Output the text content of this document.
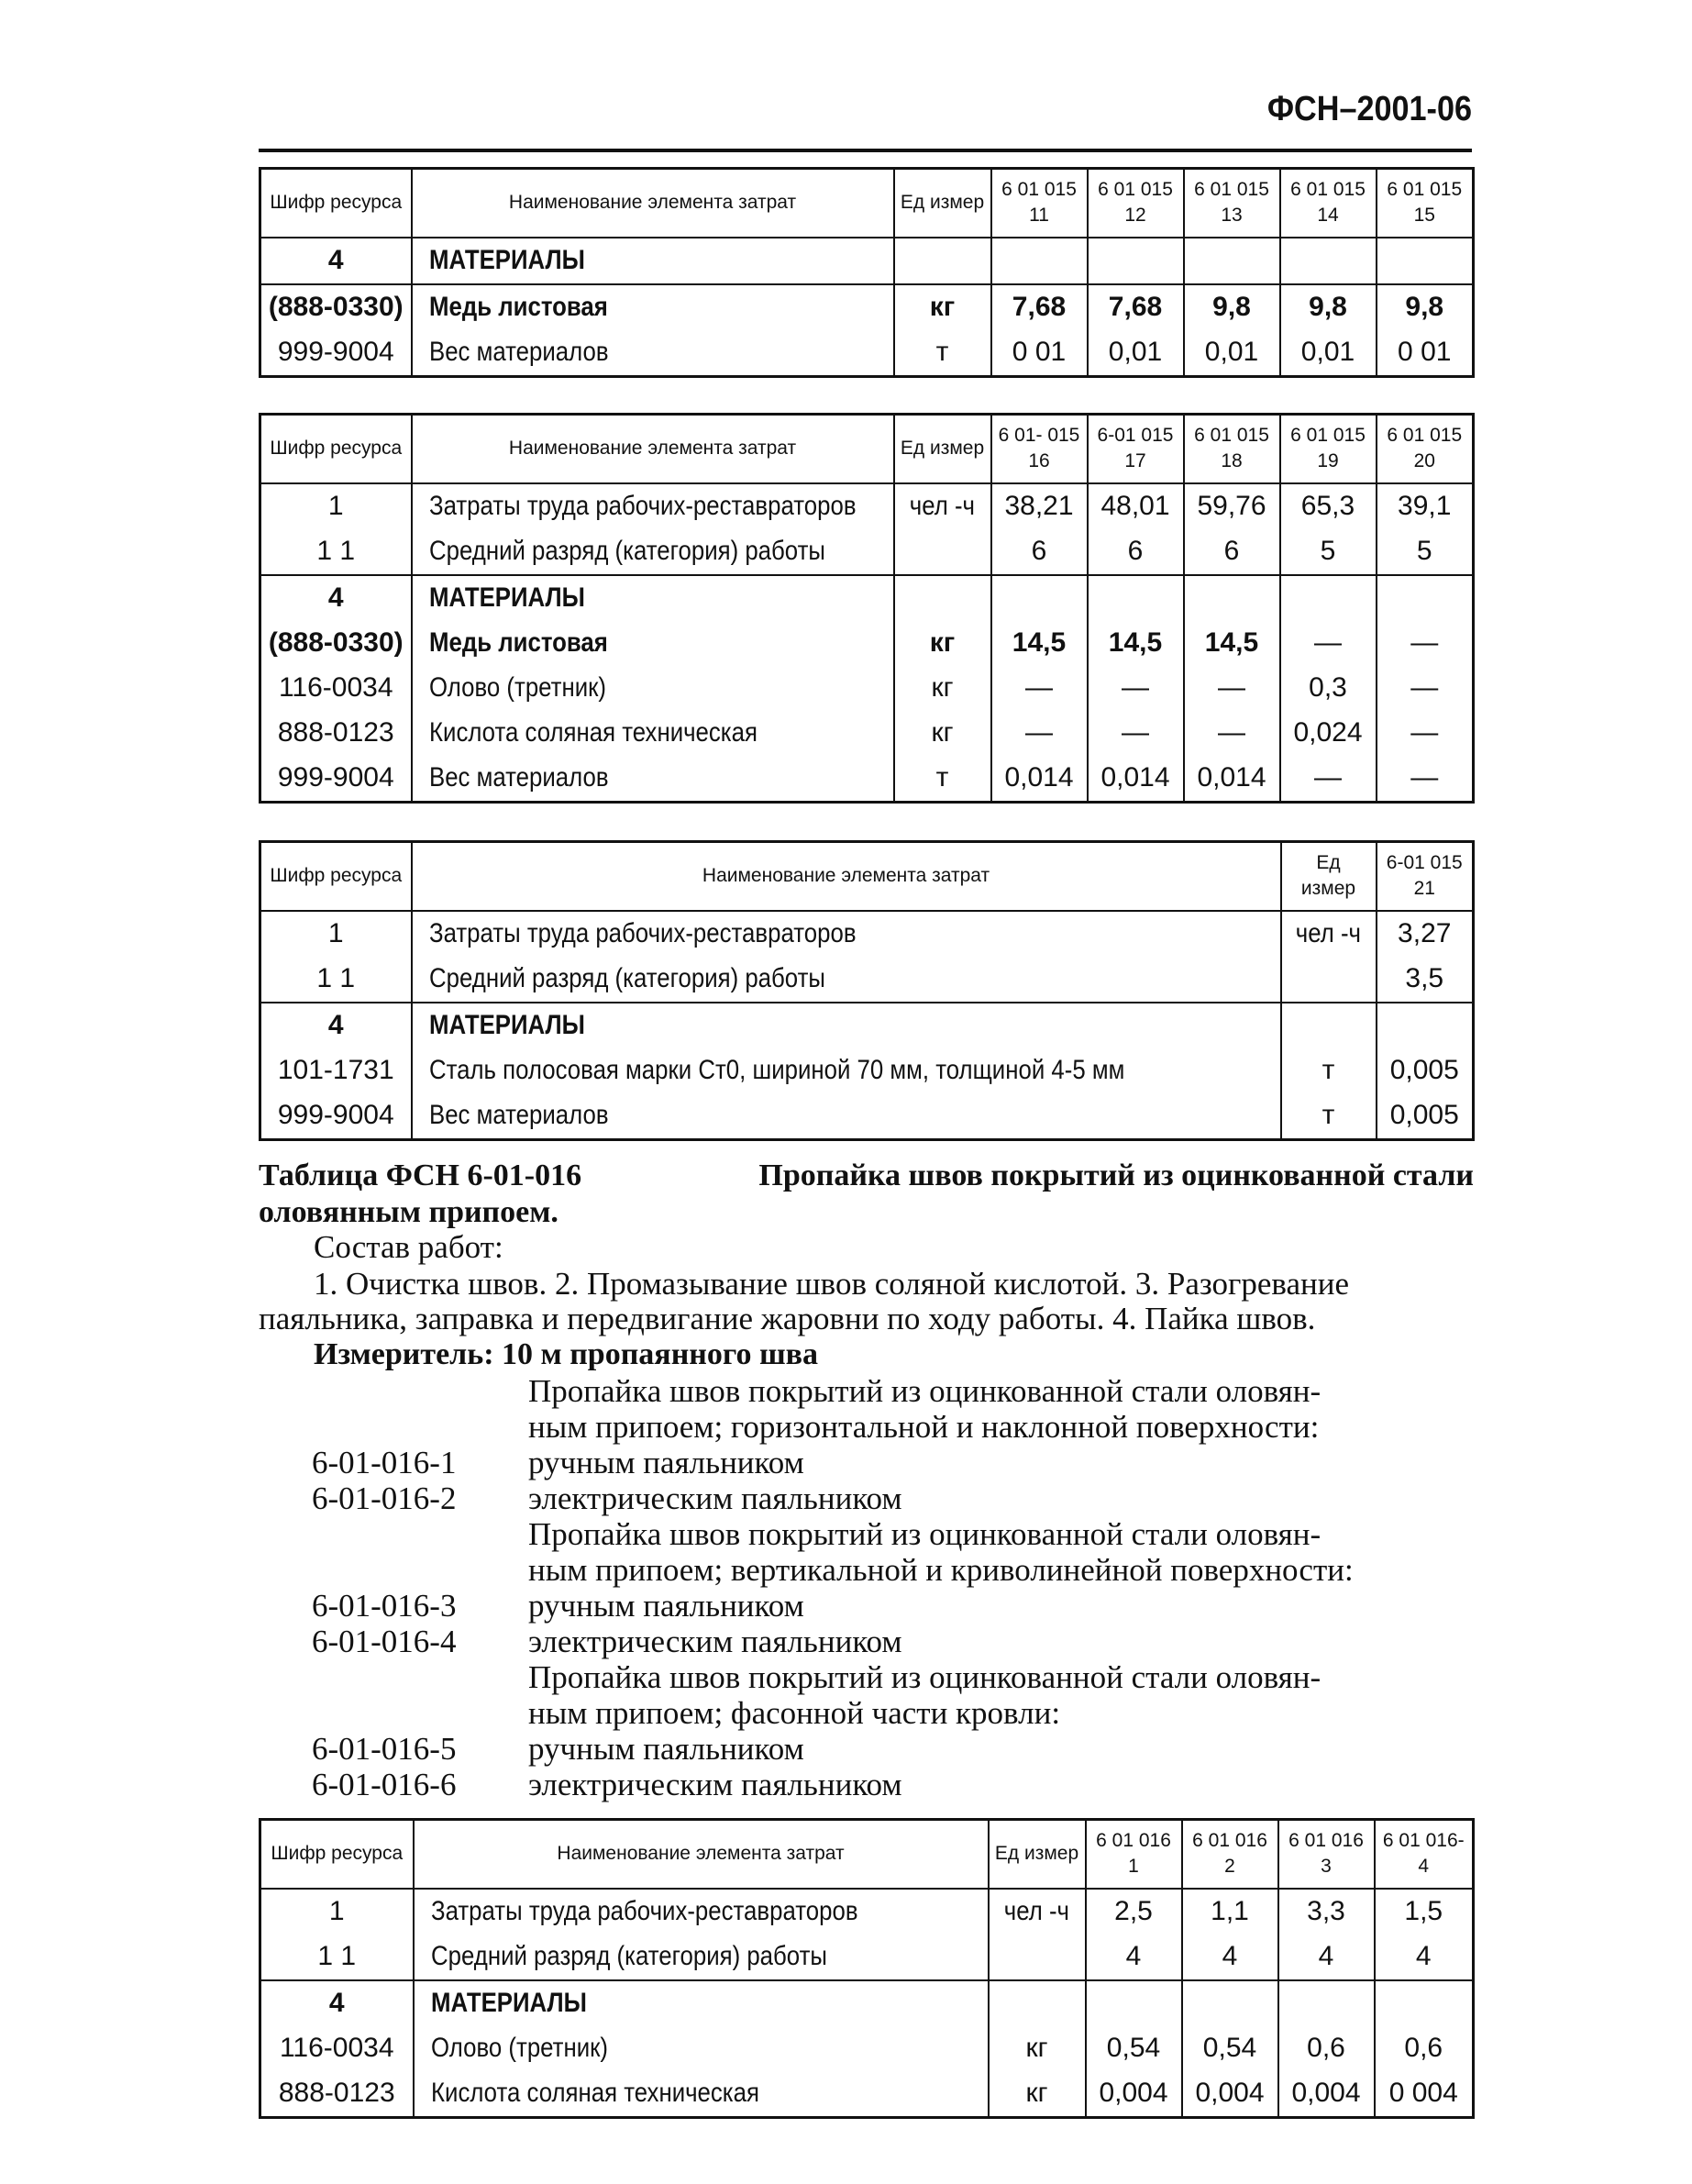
ФСН–2001-06
Шифр ресурса	Наименование элемента затрат	Ед измер	6 01 015 11	6 01 015 12	6 01 015 13	6 01 015 14	6 01 015 15
4	МАТЕРИАЛЫ						
(888-0330)	Медь листовая	кг	7,68	7,68	9,8	9,8	9,8
999-9004	Вес материалов	т	0 01	0,01	0,01	0,01	0 01
Шифр ресурса	Наименование элемента затрат	Ед измер	6 01- 015 16	6-01 015 17	6 01 015 18	6 01 015 19	6 01 015 20
1	Затраты труда рабочих-реставраторов	чел -ч	38,21	48,01	59,76	65,3	39,1
1 1	Средний разряд (категория) работы		6	6	6	5	5
4	МАТЕРИАЛЫ						
(888-0330)	Медь листовая	кг	14,5	14,5	14,5	—	—
116-0034	Олово (третник)	кг	—	—	—	0,3	—
888-0123	Кислота соляная техническая	кг	—	—	—	0,024	—
999-9004	Вес материалов	т	0,014	0,014	0,014	—	—
Шифр ресурса	Наименование элемента затрат	Ед измер	6-01 015 21
1	Затраты труда рабочих-реставраторов	чел -ч	3,27
1 1	Средний разряд (категория) работы		3,5
4	МАТЕРИАЛЫ		
101-1731	Сталь полосовая марки Ст0, шириной 70 мм, толщиной 4-5 мм	т	0,005
999-9004	Вес материалов	т	0,005
Таблица ФСН 6-01-016	Пропайка швов покрытий из оцинкованной стали
оловянным припоем.
Состав работ:
1. Очистка швов. 2. Промазывание швов соляной кислотой. 3. Разогревание
паяльника, заправка и передвигание жаровни по ходу работы. 4. Пайка швов.
Измеритель: 10 м пропаянного шва
Пропайка швов покрытий из оцинкованной стали оловян-
ным припоем; горизонтальной и наклонной поверхности:
6-01-016-1 ручным паяльником
6-01-016-2 электрическим паяльником
Пропайка швов покрытий из оцинкованной стали оловян-
ным припоем; вертикальной и криволинейной поверхности:
6-01-016-3 ручным паяльником
6-01-016-4 электрическим паяльником
Пропайка швов покрытий из оцинкованной стали оловян-
ным припоем; фасонной части кровли:
6-01-016-5 ручным паяльником
6-01-016-6 электрическим паяльником
Шифр ресурса	Наименование элемента затрат	Ед измер	6 01 016 1	6 01 016 2	6 01 016 3	6 01 016-4
1	Затраты труда рабочих-реставраторов	чел -ч	2,5	1,1	3,3	1,5
1 1	Средний разряд (категория) работы		4	4	4	4
4	МАТЕРИАЛЫ					
116-0034	Олово (третник)	кг	0,54	0,54	0,6	0,6
888-0123	Кислота соляная техническая	кг	0,004	0,004	0,004	0 004
